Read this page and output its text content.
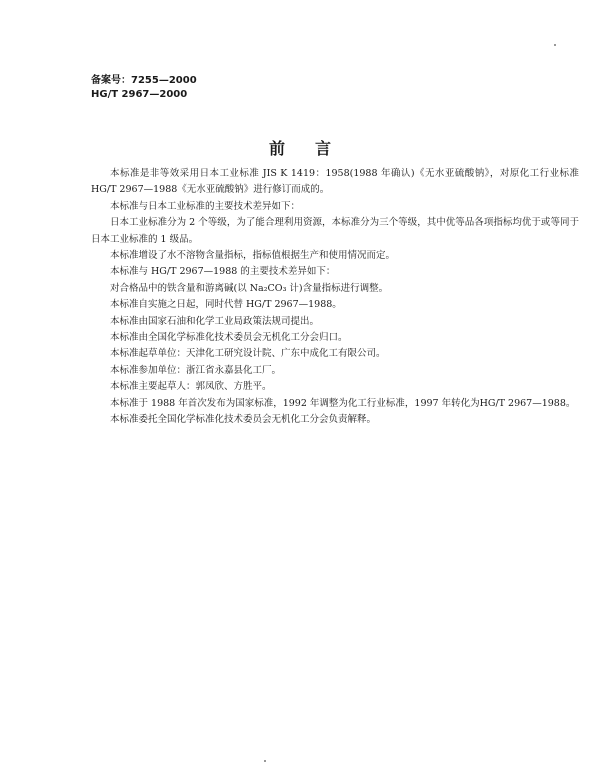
备案号：7255—2000
HG/T 2967—2000
前言

本标准是非等效采用日本工业标准 JIS K 1419：1958(1988 年确认)《无水亚硫酸钠》，对原化工行业标准 HG/T 2967—1988《无水亚硫酸钠》进行修订而成的。

本标准与日本工业标准的主要技术差异如下：

日本工业标准分为 2 个等级，为了能合理利用资源，本标准分为三个等级，其中优等品各项指标均优于或等同于日本工业标准的 1 级品。

本标准增设了水不溶物含量指标，指标值根据生产和使用情况而定。

本标准与 HG/T 2967—1988 的主要技术差异如下：

对合格品中的铁含量和游离碱(以 Na₂CO₃ 计)含量指标进行调整。

本标准自实施之日起，同时代替 HG/T 2967—1988。

本标准由国家石油和化学工业局政策法规司提出。

本标准由全国化学标准化技术委员会无机化工分会归口。

本标准起草单位：天津化工研究设计院、广东中成化工有限公司。

本标准参加单位：浙江省永嘉县化工厂。

本标准主要起草人：郭凤欣、方胜平。

本标准于 1988 年首次发布为国家标准，1992 年调整为化工行业标准，1997 年转化为HG/T 2967—1988。

本标准委托全国化学标准化技术委员会无机化工分会负责解释。
